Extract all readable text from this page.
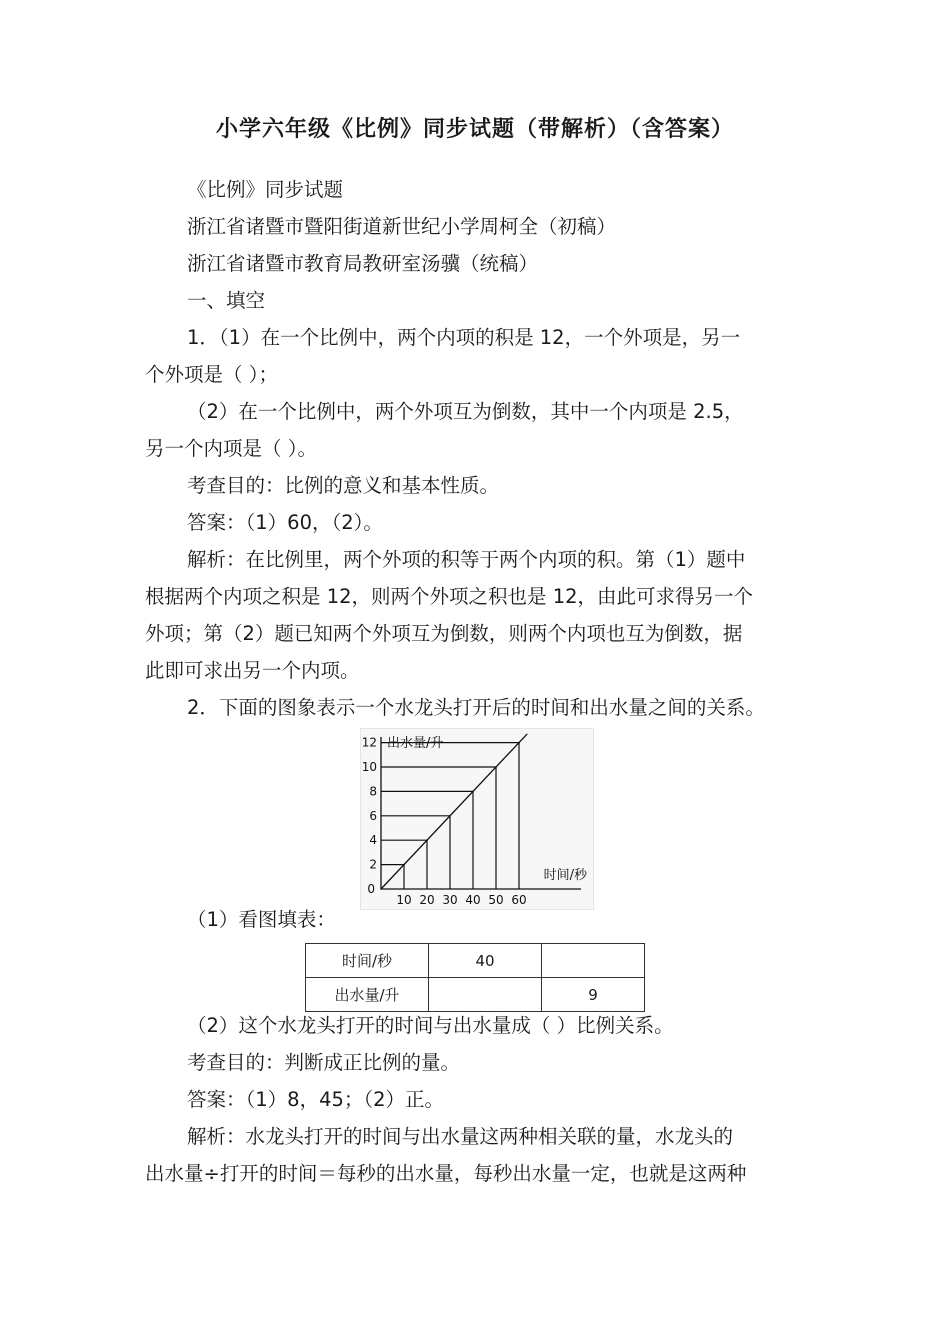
小学六年级《比例》同步试题（带解析）（含答案）
《比例》同步试题
浙江省诸暨市暨阳街道新世纪小学周柯全（初稿）
浙江省诸暨市教育局教研室汤骥（统稿）
一、填空
1．（1）在一个比例中，两个内项的积是 12，一个外项是，另一
个外项是（ ）；
（2）在一个比例中，两个外项互为倒数，其中一个内项是 2.5，
另一个内项是（ ）。
考查目的：比例的意义和基本性质。
答案：（1）60，（2）。
解析：在比例里，两个外项的积等于两个内项的积。第（1）题中
根据两个内项之积是 12，则两个外项之积也是 12，由此可求得另一个
外项；第（2）题已知两个外项互为倒数，则两个内项也互为倒数，据
此即可求出另一个内项。
2．下面的图象表示一个水龙头打开后的时间和出水量之间的关系。
10 20 30 40 50 60
2
4
6
8
10
12
0
出水量/升
时间/秒
（1）看图填表：
时间/秒	40	
出水量/升		9
（2）这个水龙头打开的时间与出水量成（ ）比例关系。
考查目的：判断成正比例的量。
答案：（1）8，45；（2）正。
解析：水龙头打开的时间与出水量这两种相关联的量，水龙头的
出水量÷打开的时间＝每秒的出水量，每秒出水量一定，也就是这两种
